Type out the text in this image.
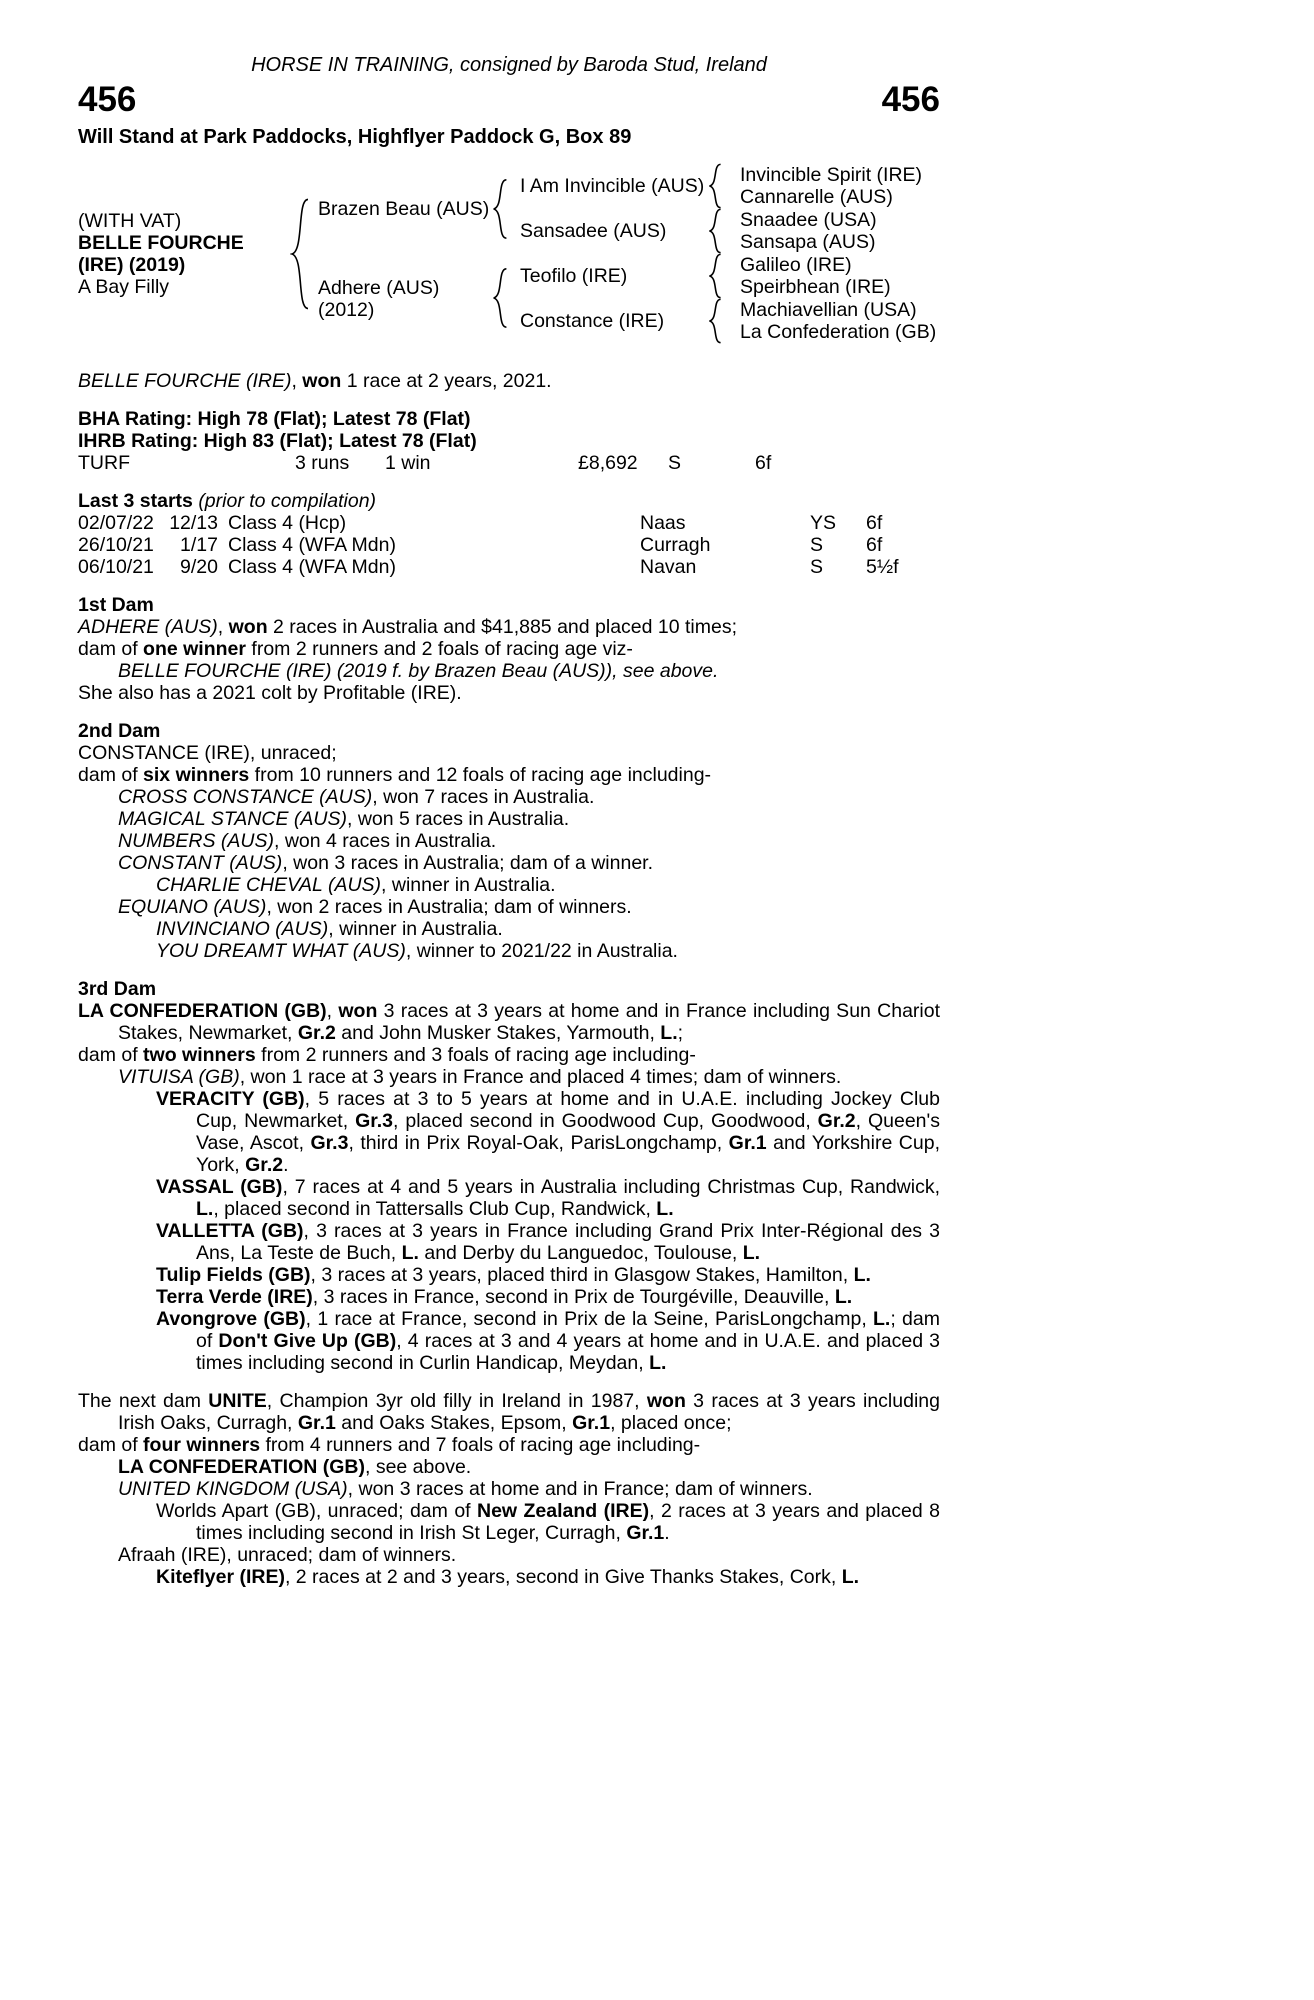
HORSE IN TRAINING, consigned by Baroda Stud, Ireland
456	456
Will Stand at Park Paddocks, Highflyer Paddock G, Box 89
(WITH VAT)
BELLE FOURCHE
(IRE) (2019)
A Bay Filly
Brazen Beau (AUS)
Adhere (AUS)
(2012)
I Am Invincible (AUS)
Sansadee (AUS)
Teofilo (IRE)
Constance (IRE)
Invincible Spirit (IRE)
Cannarelle (AUS)
Snaadee (USA)
Sansapa (AUS)
Galileo (IRE)
Speirbhean (IRE)
Machiavellian (USA)
La Confederation (GB)
BELLE FOURCHE (IRE), won 1 race at 2 years, 2021.
BHA Rating: High 78 (Flat); Latest 78 (Flat)
IHRB Rating: High 83 (Flat); Latest 78 (Flat)
TURF	3 runs	1 win	£8,692	S	6f
Last 3 starts (prior to compilation)
02/07/22 12/13 Class 4 (Hcp)	Naas	YS	6f
26/10/21	1/17 Class 4 (WFA Mdn)	Curragh	S	6f
06/10/21	9/20 Class 4 (WFA Mdn)	Navan	S	5½f
1st Dam
ADHERE (AUS), won 2 races in Australia and $41,885 and placed 10 times;
dam of one winner from 2 runners and 2 foals of racing age viz-
BELLE FOURCHE (IRE) (2019 f. by Brazen Beau (AUS)), see above.
She also has a 2021 colt by Profitable (IRE).
2nd Dam
CONSTANCE (IRE), unraced;
dam of six winners from 10 runners and 12 foals of racing age including-
CROSS CONSTANCE (AUS), won 7 races in Australia.
MAGICAL STANCE (AUS), won 5 races in Australia.
NUMBERS (AUS), won 4 races in Australia.
CONSTANT (AUS), won 3 races in Australia; dam of a winner.
CHARLIE CHEVAL (AUS), winner in Australia.
EQUIANO (AUS), won 2 races in Australia; dam of winners.
INVINCIANO (AUS), winner in Australia.
YOU DREAMT WHAT (AUS), winner to 2021/22 in Australia.
3rd Dam
LA CONFEDERATION (GB), won 3 races at 3 years at home and in France including Sun Chariot Stakes, Newmarket, Gr.2 and John Musker Stakes, Yarmouth, L.;
dam of two winners from 2 runners and 3 foals of racing age including-
VITUISA (GB), won 1 race at 3 years in France and placed 4 times; dam of winners.
VERACITY (GB), 5 races at 3 to 5 years at home and in U.A.E. including Jockey Club Cup, Newmarket, Gr.3, placed second in Goodwood Cup, Goodwood, Gr.2, Queen's Vase, Ascot, Gr.3, third in Prix Royal-Oak, ParisLongchamp, Gr.1 and Yorkshire Cup, York, Gr.2.
VASSAL (GB), 7 races at 4 and 5 years in Australia including Christmas Cup, Randwick, L., placed second in Tattersalls Club Cup, Randwick, L.
VALLETTA (GB), 3 races at 3 years in France including Grand Prix Inter-Régional des 3 Ans, La Teste de Buch, L. and Derby du Languedoc, Toulouse, L.
Tulip Fields (GB), 3 races at 3 years, placed third in Glasgow Stakes, Hamilton, L.
Terra Verde (IRE), 3 races in France, second in Prix de Tourgéville, Deauville, L.
Avongrove (GB), 1 race at France, second in Prix de la Seine, ParisLongchamp, L.; dam of Don't Give Up (GB), 4 races at 3 and 4 years at home and in U.A.E. and placed 3 times including second in Curlin Handicap, Meydan, L.
The next dam UNITE, Champion 3yr old filly in Ireland in 1987, won 3 races at 3 years including Irish Oaks, Curragh, Gr.1 and Oaks Stakes, Epsom, Gr.1, placed once;
dam of four winners from 4 runners and 7 foals of racing age including-
LA CONFEDERATION (GB), see above.
UNITED KINGDOM (USA), won 3 races at home and in France; dam of winners.
Worlds Apart (GB), unraced; dam of New Zealand (IRE), 2 races at 3 years and placed 8 times including second in Irish St Leger, Curragh, Gr.1.
Afraah (IRE), unraced; dam of winners.
Kiteflyer (IRE), 2 races at 2 and 3 years, second in Give Thanks Stakes, Cork, L.
